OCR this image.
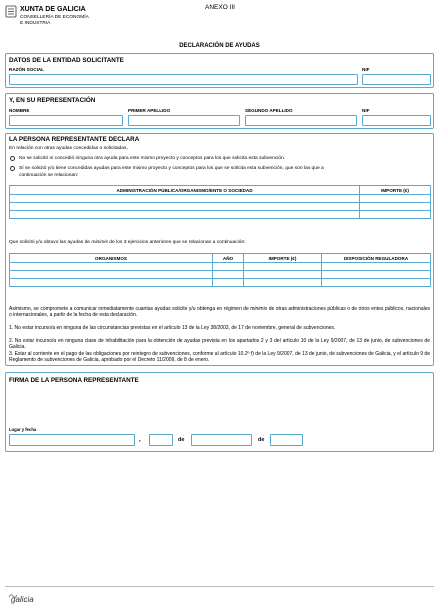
XUNTA DE GALICIA
CONSELLERÍA DE ECONOMÍA
E INDUSTRIA
ANEXO III
DECLARACIÓN DE AYUDAS
DATOS DE LA ENTIDAD SOLICITANTE
RAZÓN SOCIAL	NIF
Y, EN SU REPRESENTACIÓN
NOMBRE	PRIMER APELLIDO	SEGUNDO APELLIDO	NIF
LA PERSONA REPRESENTANTE DECLARA
En relación con otras ayudas concedidas o solicitadas,
No se solicitó ni concedió ninguna otra ayuda para este mismo proyecto y conceptos para los que solicita esta subvención.
Sí se solicitó y/o tiene concedidas ayudas para este mismo proyecto y conceptos para los que se solicita esta subvención, que son las que a
continuación se relacionan:
ADMINISTRACIÓN PÚBLICA/ORGANISMO/ENTE O SOCIEDAD	IMPORTE (€)

Que solicitó y/u obtuvo las ayudas de minimis de los 3 ejercicios anteriores que se relacionan a continuación:
ORGANISMOS	AÑO	IMPORTE (€)	DISPOSICIÓN REGULADORA

Asimismo, se compromete a comunicar inmediatamente cuantas ayudas solicite y/u obtenga en régimen de minimis de otras administraciones públicas o de otros entes públicos, nacionales o internacionales, a partir de la fecha de esta declaración.
1. No estar incurso/a en ninguna de las circunstancias previstas en el artículo 13 de la Ley 38/2003, de 17 de noviembre, general de subvenciones.
2. No estar incurso/a en ninguna clase de inhabilitación para la obtención de ayudas prevista en los apartados 2 y 3 del artículo 10 de la Ley 9/2007, de 13 de junio, de subvenciones de Galicia.
3. Estar al corriente en el pago de las obligaciones por reintegro de subvenciones, conforme al artículo 10.2º f) de la Ley 9/2007, de 13 de junio, de subvenciones de Galicia, y el artículo 9 de Reglamento de subvenciones de Galicia, aprobado por el Decreto 11/2009, de 8 de enero.
FIRMA DE LA PERSONA REPRESENTANTE
Lugar y fecha
,	de	de
galicia
